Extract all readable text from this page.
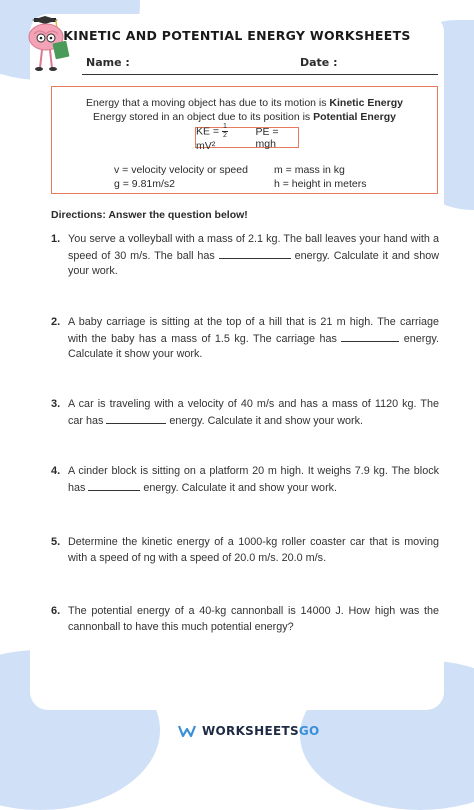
KINETIC AND POTENTIAL ENERGY WORKSHEETS
Name :	Date :
Energy that a moving object has due to its motion is Kinetic Energy
Energy stored in an object due to its position is Potential Energy
KE = $\frac{1}{2}$
mV²
PE = mgh
v = velocity velocity or speed m = mass in kg
g = 9.81m/s2	h = height in meters
Directions: Answer the question below!
1. You serve a volleyball with a mass of 2.1 kg. The ball leaves your hand with a speed of 30 m/s. The ball has	energy. Calculate it and show your work.
2. A baby carriage is sitting at the top of a hill that is 21 m high. The carriage with the baby has a mass of 1.5 kg. The carriage has	energy. Calculate it show your work.
3. A car is traveling with a velocity of 40 m/s and has a mass of 1120 kg. The car has	energy. Calculate it and show your work.
4. A cinder block is sitting on a platform 20 m high. It weighs 7.9 kg. The block has	energy. Calculate it and show your work.
5. Determine the kinetic energy of a 1000-kg roller coaster car that is moving with a speed of ng with a speed of 20.0 m/s. 20.0 m/s.
6. The potential energy of a 40-kg cannonball is 14000 J. How high was the cannonball to have this much potential energy?
WORKSHEETSGO
